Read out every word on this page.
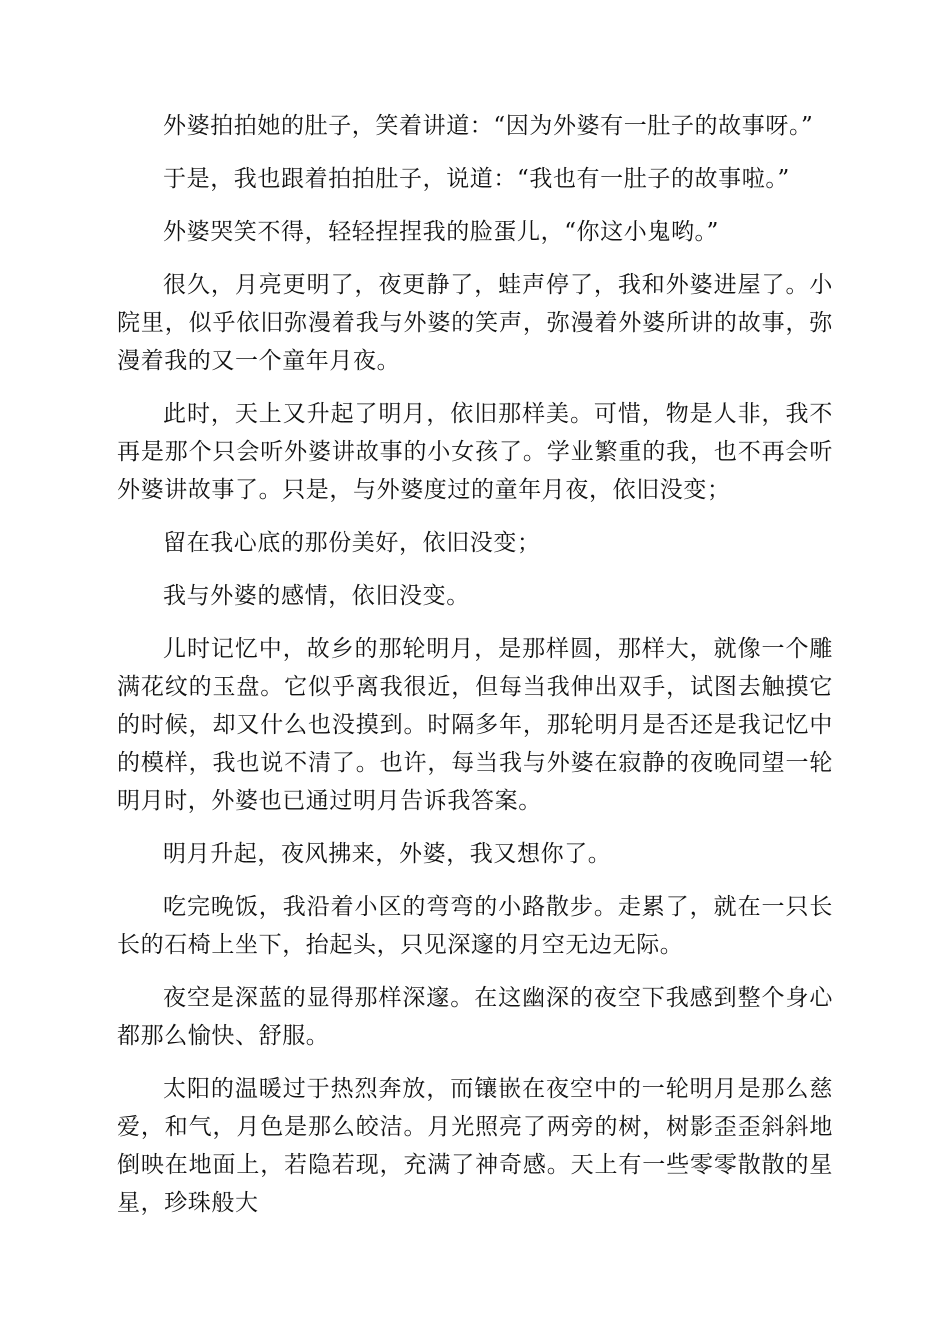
外婆拍拍她的肚子，笑着讲道：“因为外婆有一肚子的故事呀。”

于是，我也跟着拍拍肚子，说道：“我也有一肚子的故事啦。”

外婆哭笑不得，轻轻捏捏我的脸蛋儿，“你这小鬼哟。”

很久，月亮更明了，夜更静了，蛙声停了，我和外婆进屋了。小院里，似乎依旧弥漫着我与外婆的笑声，弥漫着外婆所讲的故事，弥漫着我的又一个童年月夜。

此时，天上又升起了明月，依旧那样美。可惜，物是人非，我不再是那个只会听外婆讲故事的小女孩了。学业繁重的我，也不再会听外婆讲故事了。只是，与外婆度过的童年月夜，依旧没变；

留在我心底的那份美好，依旧没变；

我与外婆的感情，依旧没变。

儿时记忆中，故乡的那轮明月，是那样圆，那样大，就像一个雕满花纹的玉盘。它似乎离我很近，但每当我伸出双手，试图去触摸它的时候，却又什么也没摸到。时隔多年，那轮明月是否还是我记忆中的模样，我也说不清了。也许，每当我与外婆在寂静的夜晚同望一轮明月时，外婆也已通过明月告诉我答案。

明月升起，夜风拂来，外婆，我又想你了。

吃完晚饭，我沿着小区的弯弯的小路散步。走累了，就在一只长长的石椅上坐下，抬起头，只见深邃的月空无边无际。

夜空是深蓝的显得那样深邃。在这幽深的夜空下我感到整个身心都那么愉快、舒服。

太阳的温暖过于热烈奔放，而镶嵌在夜空中的一轮明月是那么慈爱，和气，月色是那么皎洁。月光照亮了两旁的树，树影歪歪斜斜地倒映在地面上，若隐若现，充满了神奇感。天上有一些零零散散的星星，珍珠般大
